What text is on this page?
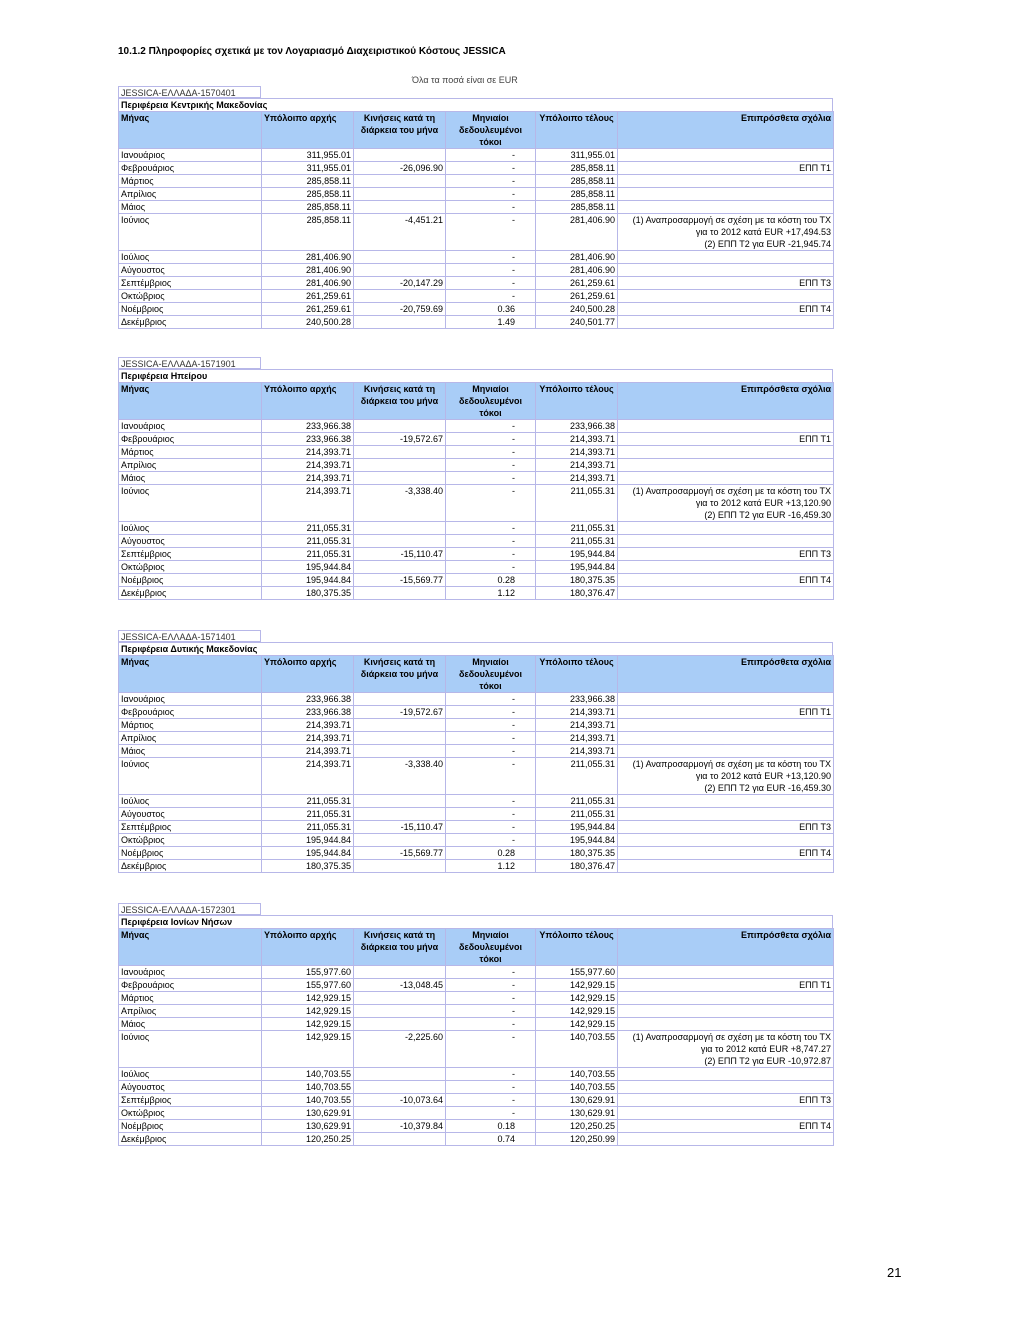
10.1.2 Πληροφορίες σχετικά με τον Λογαριασμό Διαχειριστικού Κόστους JESSICA
Όλα τα ποσά είναι σε EUR
JESSICA-ΕΛΛΑΔΑ-1570401
Περιφέρεια Κεντρικής Μακεδονίας
Μήνας	Υπόλοιπο αρχής	Κινήσεις κατά τη διάρκεια του μήνα	Μηνιαίοι δεδουλευμένοι τόκοι	Υπόλοιπο τέλους	Επιπρόσθετα σχόλια
Ιανουάριος	311,955.01		-	311,955.01	
Φεβρουάριος	311,955.01	-26,096.90	-	285,858.11	ΕΠΠ Τ1

Μάρτιος	285,858.11		-	285,858.11	
Απρίλιος	285,858.11		-	285,858.11	
Μάιος	285,858.11		-	285,858.11	
Ιούνιος	285,858.11	-4,451.21	-	281,406.90	(1) Αναπροσαρμογή σε σχέση με τα κόστη του ΤΧ
για το 2012 κατά EUR +17,494.53
(2) ΕΠΠ Τ2 για EUR -21,945.74

Ιούλιος	281,406.90		-	281,406.90	
Αύγουστος	281,406.90		-	281,406.90	
Σεπτέμβριος	281,406.90	-20,147.29	-	261,259.61	ΕΠΠ Τ3

Οκτώβριος	261,259.61		-	261,259.61	
Νοέμβριος	261,259.61	-20,759.69	0.36	240,500.28	ΕΠΠ Τ4

Δεκέμβριος	240,500.28		1.49	240,501.77	
JESSICA-ΕΛΛΑΔΑ-1571901
Περιφέρεια Ηπείρου
Μήνας	Υπόλοιπο αρχής	Κινήσεις κατά τη διάρκεια του μήνα	Μηνιαίοι δεδουλευμένοι τόκοι	Υπόλοιπο τέλους	Επιπρόσθετα σχόλια
Ιανουάριος	233,966.38		-	233,966.38	
Φεβρουάριος	233,966.38	-19,572.67	-	214,393.71	ΕΠΠ Τ1

Μάρτιος	214,393.71		-	214,393.71	
Απρίλιος	214,393.71		-	214,393.71	
Μάιος	214,393.71		-	214,393.71	
Ιούνιος	214,393.71	-3,338.40	-	211,055.31	(1) Αναπροσαρμογή σε σχέση με τα κόστη του ΤΧ
για το 2012 κατά EUR +13,120.90
(2) ΕΠΠ Τ2 για EUR -16,459.30

Ιούλιος	211,055.31		-	211,055.31	
Αύγουστος	211,055.31		-	211,055.31	
Σεπτέμβριος	211,055.31	-15,110.47	-	195,944.84	ΕΠΠ Τ3

Οκτώβριος	195,944.84		-	195,944.84	
Νοέμβριος	195,944.84	-15,569.77	0.28	180,375.35	ΕΠΠ Τ4

Δεκέμβριος	180,375.35		1.12	180,376.47	
JESSICA-ΕΛΛΑΔΑ-1571401
Περιφέρεια Δυτικής Μακεδονίας
Μήνας	Υπόλοιπο αρχής	Κινήσεις κατά τη διάρκεια του μήνα	Μηνιαίοι δεδουλευμένοι τόκοι	Υπόλοιπο τέλους	Επιπρόσθετα σχόλια
Ιανουάριος	233,966.38		-	233,966.38	
Φεβρουάριος	233,966.38	-19,572.67	-	214,393.71	ΕΠΠ Τ1

Μάρτιος	214,393.71		-	214,393.71	
Απρίλιος	214,393.71		-	214,393.71	
Μάιος	214,393.71		-	214,393.71	
Ιούνιος	214,393.71	-3,338.40	-	211,055.31	(1) Αναπροσαρμογή σε σχέση με τα κόστη του ΤΧ
για το 2012 κατά EUR +13,120.90
(2) ΕΠΠ Τ2 για EUR -16,459.30

Ιούλιος	211,055.31		-	211,055.31	
Αύγουστος	211,055.31		-	211,055.31	
Σεπτέμβριος	211,055.31	-15,110.47	-	195,944.84	ΕΠΠ Τ3

Οκτώβριος	195,944.84		-	195,944.84	
Νοέμβριος	195,944.84	-15,569.77	0.28	180,375.35	ΕΠΠ Τ4

Δεκέμβριος	180,375.35		1.12	180,376.47	
JESSICA-ΕΛΛΑΔΑ-1572301
Περιφέρεια Ιονίων Νήσων
Μήνας	Υπόλοιπο αρχής	Κινήσεις κατά τη διάρκεια του μήνα	Μηνιαίοι δεδουλευμένοι τόκοι	Υπόλοιπο τέλους	Επιπρόσθετα σχόλια
Ιανουάριος	155,977.60		-	155,977.60	
Φεβρουάριος	155,977.60	-13,048.45	-	142,929.15	ΕΠΠ Τ1

Μάρτιος	142,929.15		-	142,929.15	
Απρίλιος	142,929.15		-	142,929.15	
Μάιος	142,929.15		-	142,929.15	
Ιούνιος	142,929.15	-2,225.60	-	140,703.55	(1) Αναπροσαρμογή σε σχέση με τα κόστη του ΤΧ
για το 2012 κατά EUR +8,747.27
(2) ΕΠΠ Τ2 για EUR -10,972.87

Ιούλιος	140,703.55		-	140,703.55	
Αύγουστος	140,703.55		-	140,703.55	
Σεπτέμβριος	140,703.55	-10,073.64	-	130,629.91	ΕΠΠ Τ3

Οκτώβριος	130,629.91		-	130,629.91	
Νοέμβριος	130,629.91	-10,379.84	0.18	120,250.25	ΕΠΠ Τ4

Δεκέμβριος	120,250.25		0.74	120,250.99	
21
